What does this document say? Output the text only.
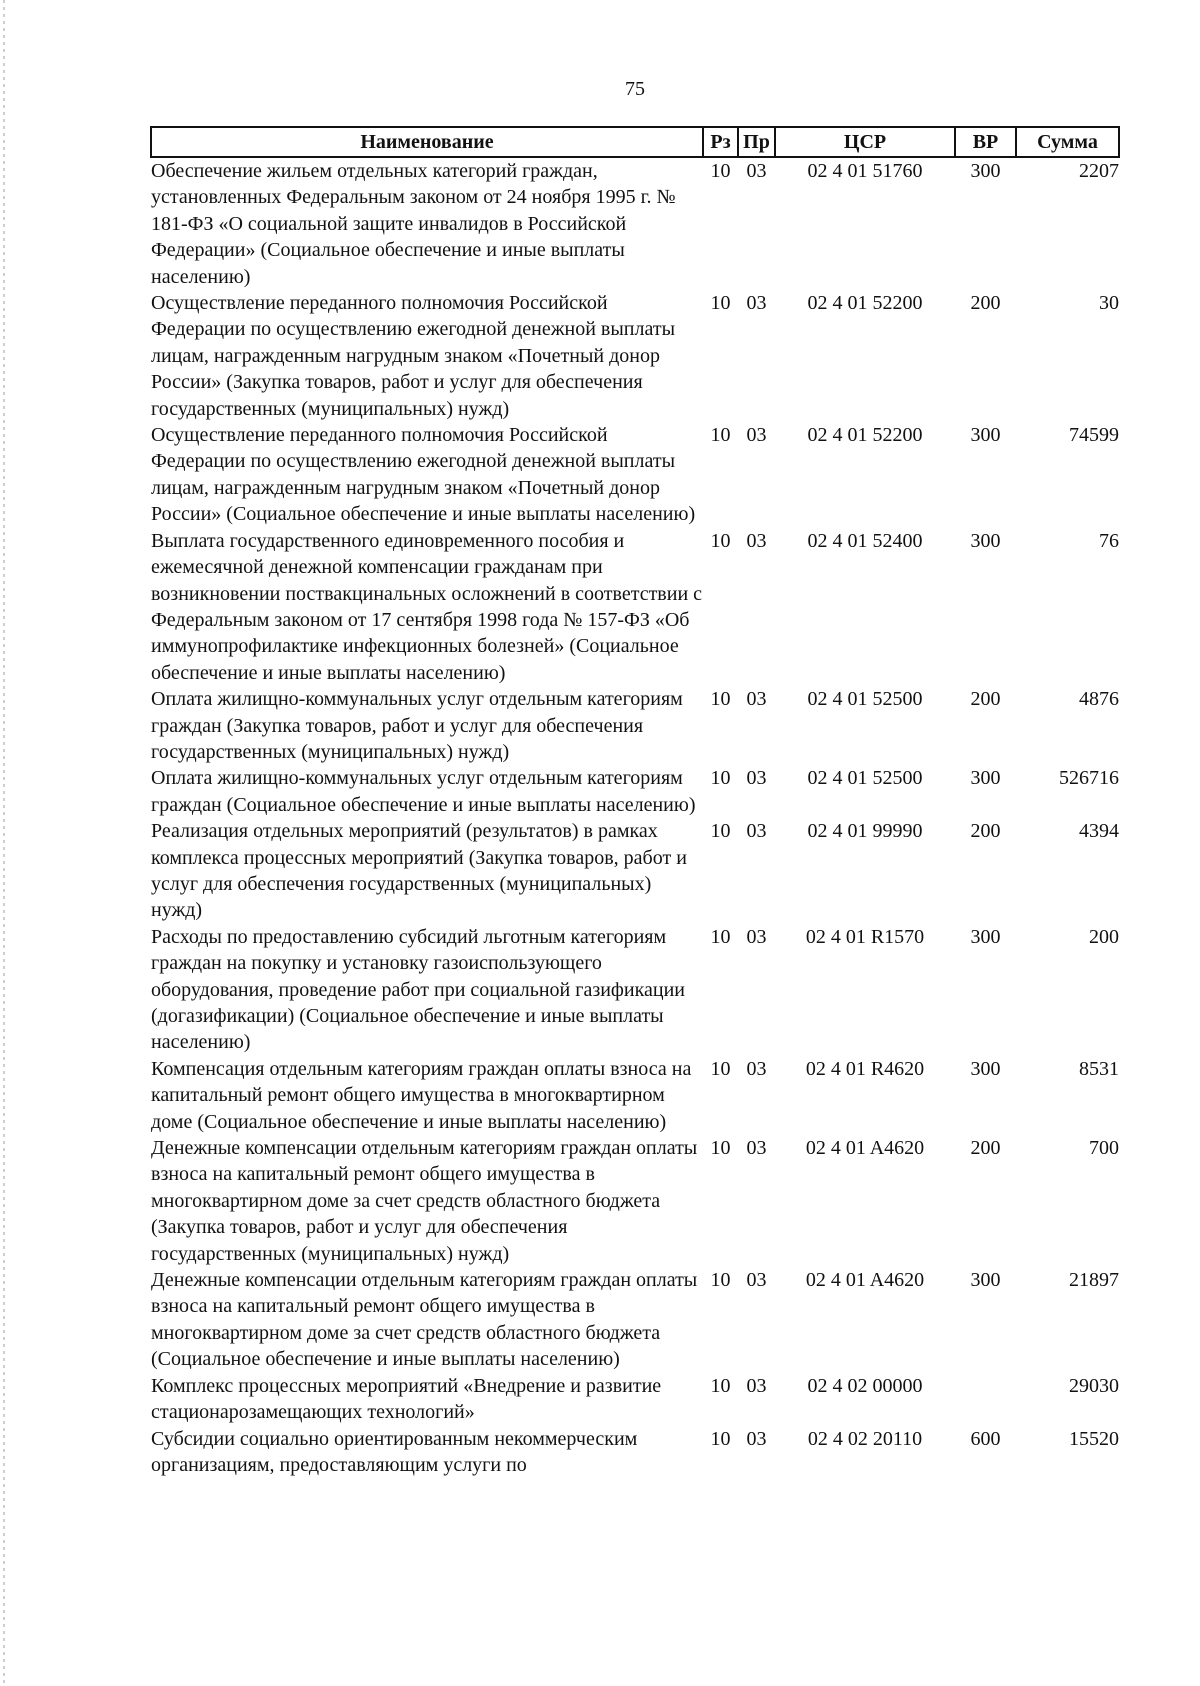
75
Наименование	Рз	Пр	ЦСР	ВР	Сумма
Обеспечение жильем отдельных категорий граждан, установленных Федеральным законом от 24 ноября 1995 г. № 181-ФЗ «О социальной защите инвалидов в Российской Федерации» (Социальное обеспечение и иные выплаты населению)	10	03	02 4 01 51760	300	2207
Осуществление переданного полномочия Российской Федерации по осуществлению ежегодной денежной выплаты лицам, награжденным нагрудным знаком «Почетный донор России» (Закупка товаров, работ и услуг для обеспечения государственных (муниципальных) нужд)	10	03	02 4 01 52200	200	30
Осуществление переданного полномочия Российской Федерации по осуществлению ежегодной денежной выплаты лицам, награжденным нагрудным знаком «Почетный донор России» (Социальное обеспечение и иные выплаты населению)	10	03	02 4 01 52200	300	74599
Выплата государственного единовременного пособия и ежемесячной денежной компенсации гражданам при возникновении поствакцинальных осложнений в соответствии с Федеральным законом от 17 сентября 1998 года № 157-ФЗ «Об иммунопрофилактике инфекционных болезней» (Социальное обеспечение и иные выплаты населению)	10	03	02 4 01 52400	300	76
Оплата жилищно-коммунальных услуг отдельным категориям граждан (Закупка товаров, работ и услуг для обеспечения государственных (муниципальных) нужд)	10	03	02 4 01 52500	200	4876
Оплата жилищно-коммунальных услуг отдельным категориям граждан (Социальное обеспечение и иные выплаты населению)	10	03	02 4 01 52500	300	526716
Реализация отдельных мероприятий (результатов) в рамках комплекса процессных мероприятий (Закупка товаров, работ и услуг для обеспечения государственных (муниципальных) нужд)	10	03	02 4 01 99990	200	4394
Расходы по предоставлению субсидий льготным категориям граждан на покупку и установку газоиспользующего оборудования, проведение работ при социальной газификации (догазификации) (Социальное обеспечение и иные выплаты населению)	10	03	02 4 01 R1570	300	200
Компенсация отдельным категориям граждан оплаты взноса на капитальный ремонт общего имущества в многоквартирном доме (Социальное обеспечение и иные выплаты населению)	10	03	02 4 01 R4620	300	8531
Денежные компенсации отдельным категориям граждан оплаты взноса на капитальный ремонт общего имущества в многоквартирном доме за счет средств областного бюджета (Закупка товаров, работ и услуг для обеспечения государственных (муниципальных) нужд)	10	03	02 4 01 A4620	200	700
Денежные компенсации отдельным категориям граждан оплаты взноса на капитальный ремонт общего имущества в многоквартирном доме за счет средств областного бюджета (Социальное обеспечение и иные выплаты населению)	10	03	02 4 01 A4620	300	21897
Комплекс процессных мероприятий «Внедрение и развитие стационарозамещающих технологий»	10	03	02 4 02 00000		29030
Субсидии социально ориентированным некоммерческим организациям, предоставляющим услуги по	10	03	02 4 02 20110	600	15520
